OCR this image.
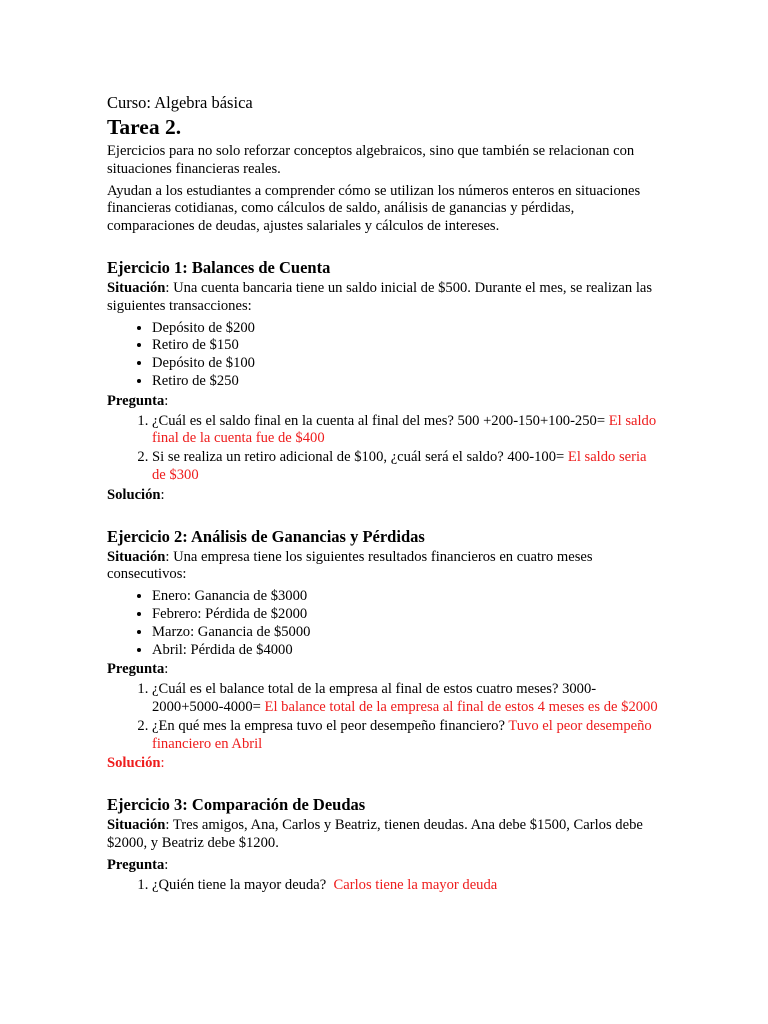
Curso: Algebra básica
Tarea 2.

Ejercicios para no solo reforzar conceptos algebraicos, sino que también se relacionan con situaciones financieras reales.

Ayudan a los estudiantes a comprender cómo se utilizan los números enteros en situaciones financieras cotidianas, como cálculos de saldo, análisis de ganancias y pérdidas, comparaciones de deudas, ajustes salariales y cálculos de intereses.

Ejercicio 1: Balances de Cuenta

Situación: Una cuenta bancaria tiene un saldo inicial de $500. Durante el mes, se realizan las siguientes transacciones:

• Depósito de $200
• Retiro de $150
• Depósito de $100
• Retiro de $250
Pregunta:
1. ¿Cuál es el saldo final en la cuenta al final del mes? 500 +200-150+100-250= El saldo final de la cuenta fue de $400
2. Si se realiza un retiro adicional de $100, ¿cuál será el saldo? 400-100= El saldo seria de $300
Solución:
Ejercicio 2: Análisis de Ganancias y Pérdidas

Situación: Una empresa tiene los siguientes resultados financieros en cuatro meses consecutivos:

• Enero: Ganancia de $3000
• Febrero: Pérdida de $2000
• Marzo: Ganancia de $5000
• Abril: Pérdida de $4000
Pregunta:
1. ¿Cuál es el balance total de la empresa al final de estos cuatro meses? 3000-2000+5000-4000= El balance total de la empresa al final de estos 4 meses es de $2000
2. ¿En qué mes la empresa tuvo el peor desempeño financiero? Tuvo el peor desempeño financiero en Abril
Solución:
Ejercicio 3: Comparación de Deudas

Situación: Tres amigos, Ana, Carlos y Beatriz, tienen deudas. Ana debe $1500, Carlos debe $2000, y Beatriz debe $1200.

Pregunta:
1. ¿Quién tiene la mayor deuda?  Carlos tiene la mayor deuda
